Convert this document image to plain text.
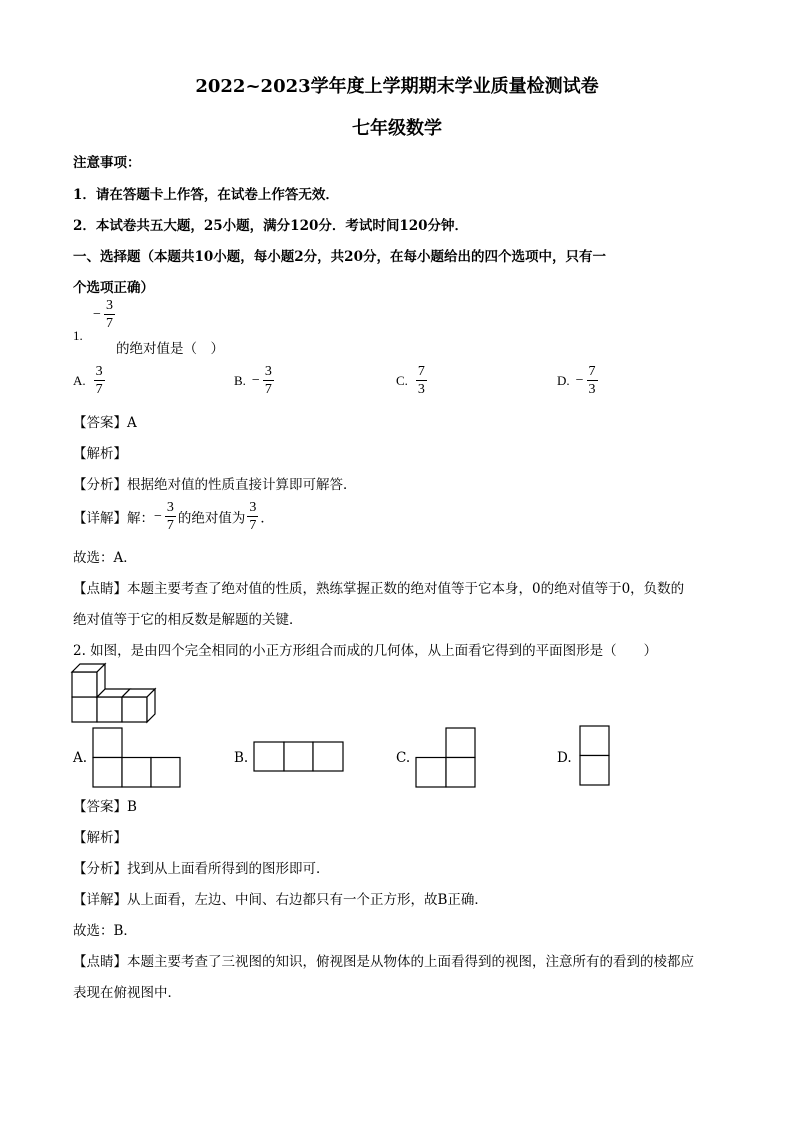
2022~2023学年度上学期期末学业质量检测试卷
七年级数学
注意事项：
1．请在答题卡上作答，在试卷上作答无效．
2．本试卷共五大题，25小题，满分120分．考试时间120分钟．
一、选择题（本题共10小题，每小题2分，共20分，在每小题给出的四个选项中，只有一
个选项正确）
1. − $\frac{3}{7}$
的绝对值是（　）
A. $\frac{3}{7}$	B. − $\frac{3}{7}$	C. $\frac{7}{3}$	D. − $\frac{7}{3}$
【答案】A
【解析】
【分析】根据绝对值的性质直接计算即可解答．
【详解】解：− $\frac{3}{7}$ 的绝对值为 $\frac{3}{7}$ ．
故选：A．
【点睛】本题主要考查了绝对值的性质，熟练掌握正数的绝对值等于它本身，0的绝对值等于0，负数的
绝对值等于它的相反数是解题的关键．
2. 如图，是由四个完全相同的小正方形组合而成的几何体，从上面看它得到的平面图形是（　　）
A.	B.	C.	D.
【答案】B
【解析】
【分析】找到从上面看所得到的图形即可．
【详解】从上面看，左边、中间、右边都只有一个正方形，故B正确．
故选：B．
【点睛】本题主要考查了三视图的知识，俯视图是从物体的上面看得到的视图，注意所有的看到的棱都应
表现在俯视图中．
